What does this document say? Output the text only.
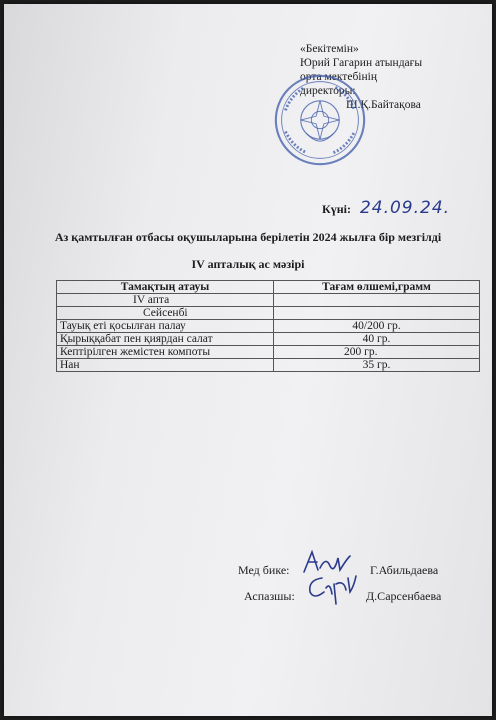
«Бекітемін»
Юрий Гагарин атындағы
орта мектебінің
директоры:
Ш.Қ.Байтақова
Күні: 24.09.24.
Аз қамтылған отбасы оқушыларына берілетін 2024 жылға бір мезгілді
IV апталық ас мәзірі
Тамақтың атауы	Тағам өлшемі,грамм
IV апта	
Сейсенбі	
Тауық еті қосылған палау	40/200 гр.
Қырыққабат пен қиярдан салат	40 гр.
Кептірілген жемістен компоты	200 гр.
Нан	35 гр.
Мед бике:	Г.Абильдаева
Аспазшы:	Д.Сарсенбаева
